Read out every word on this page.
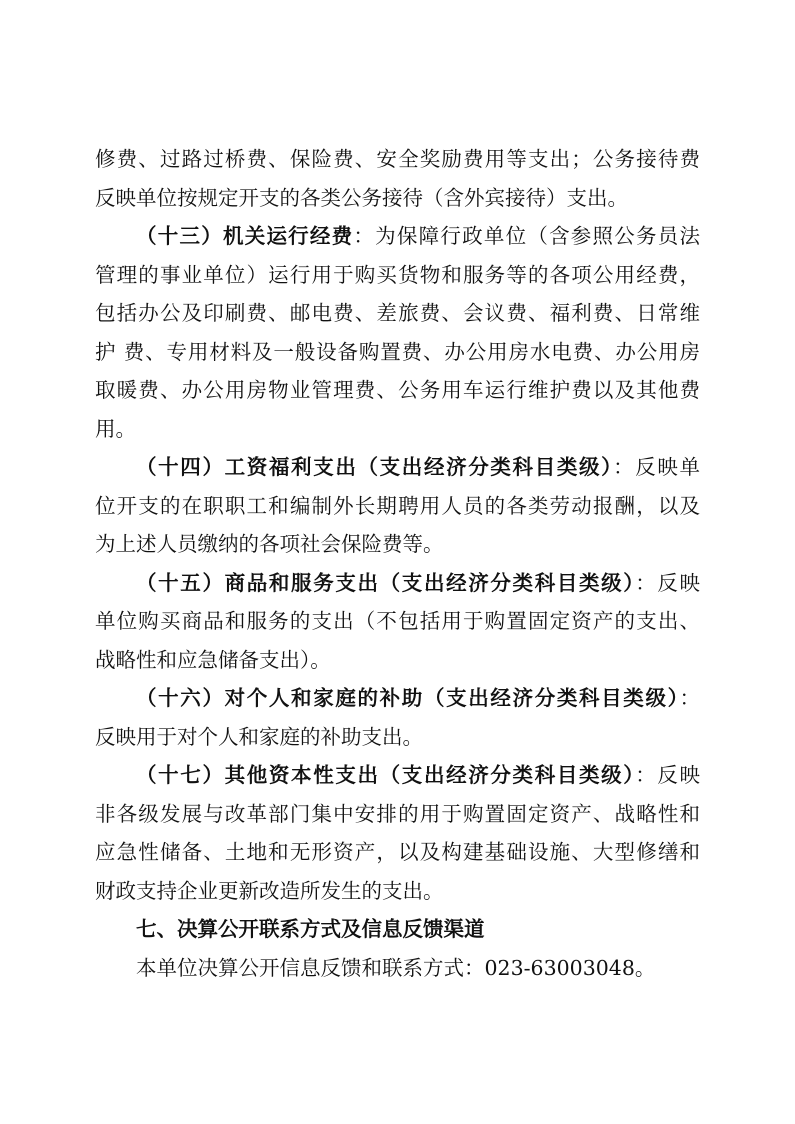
修费、过路过桥费、保险费、安全奖励费用等支出；公务接待费
反映单位按规定开支的各类公务接待（含外宾接待）支出。
（十三）机关运行经费：为保障行政单位（含参照公务员法
管理的事业单位）运行用于购买货物和服务等的各项公用经费，
包括办公及印刷费、邮电费、差旅费、会议费、福利费、日常维
护 费、专用材料及一般设备购置费、办公用房水电费、办公用房
取暖费、办公用房物业管理费、公务用车运行维护费以及其他费
用。
（十四）工资福利支出（支出经济分类科目类级）：反映单
位开支的在职职工和编制外长期聘用人员的各类劳动报酬，以及
为上述人员缴纳的各项社会保险费等。
（十五）商品和服务支出（支出经济分类科目类级）：反映
单位购买商品和服务的支出（不包括用于购置固定资产的支出、
战略性和应急储备支出）。
（十六）对个人和家庭的补助（支出经济分类科目类级）：
反映用于对个人和家庭的补助支出。
（十七）其他资本性支出（支出经济分类科目类级）：反映
非各级发展与改革部门集中安排的用于购置固定资产、战略性和
应急性储备、土地和无形资产，以及构建基础设施、大型修缮和
财政支持企业更新改造所发生的支出。
七、决算公开联系方式及信息反馈渠道
本单位决算公开信息反馈和联系方式：023-63003048。
